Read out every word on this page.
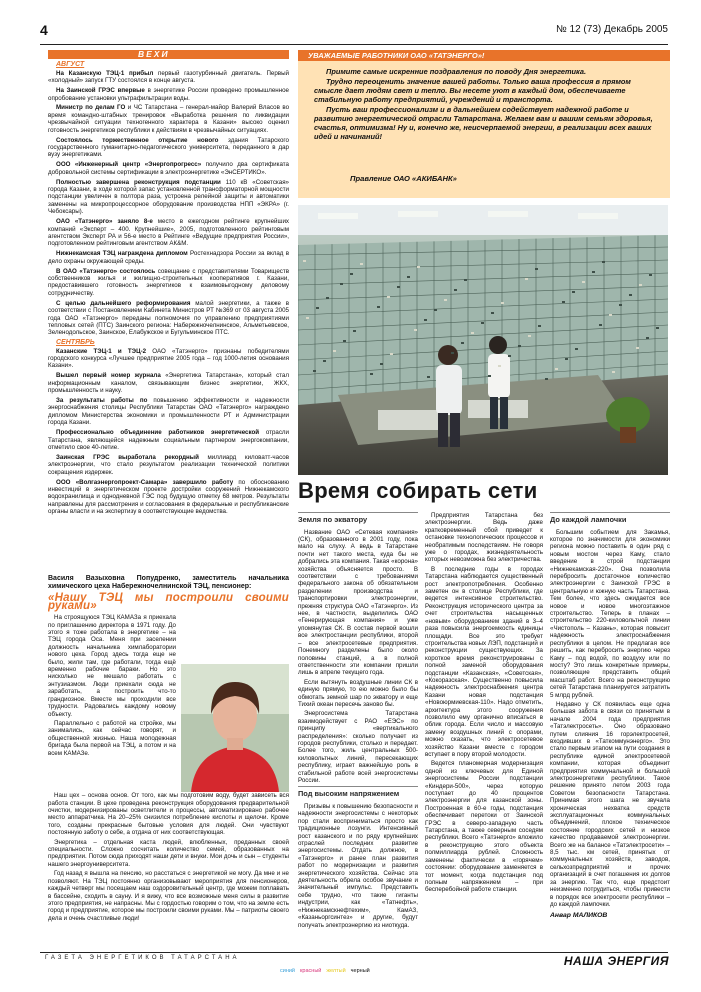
4	№ 12 (73) Декабрь 2005
ВЕХИ
АВГУСТ

На Казанскую ТЭЦ-1 прибыл первый газотурбинный двигатель. Первый «холодный» запуск ГТУ состоялся в конце августа.

На Заинской ГРЭС впервые в энергетике России проведено промышленное опробование установки ультрафильтрации воды.

Министр по делам ГО и ЧС Татарстана – генерал-майор Валерий Власов во время командно-штабных тренировок «Выработка решения по ликвидации чрезвычайной ситуации техногенного характера в Казани» высоко оценил готовность энергетиков республики к действиям в чрезвычайных ситуациях.

Состоялось торжественное открытие нового здания Татарского государственного гуманитарно-педагогического университета, переданного в дар вузу энергетиками.

ООО «Инженерный центр «Энергопрогресс» получило два сертификата добровольной системы сертификации в электроэнергетике «ЭнСЕРТИКО».

Полностью завершена реконструкция подстанции 110 кВ «Советская» города Казани, в ходе которой запас установленной трансформаторной мощности подстанции увеличен в полтора раза, устроена релейной защиты и автоматики заменены на микропроцессорное оборудование производства НПП «ЭКРА» (г. Чебоксары).

ОАО «Татэнерго» заняло 8-е место в ежегодном рейтинге крупнейших компаний «Эксперт – 400. Крупнейшие», 2005, подготовленного рейтинговым агентством Эксперт РА и 56-е место в Рейтинге «Ведущие предприятия России», подготовленном рейтинговым агентством АК&М.

Нижнекамская ТЭЦ награждена дипломом Ростехнадзора России за вклад в дело охраны окружающей среды.

В ОАО «Татэнерго» состоялось совещание с представителями Товариществ собственников жилья и жилищно-строительных кооперативов г. Казани, предоставившего готовность энергетиков к взаимовыгодному деловому сотрудничеству.

С целью дальнейшего реформирования малой энергетики, а также в соответствии с Постановлением Кабинета Министров РТ №369 от 03 августа 2005 года ОАО «Татэнерго» переданы полномочия по управлению предприятиями тепловых сетей (ПТС) Заинского региона: Набережночелнинское, Альметьевское, Зеленодольское, Заинское, Елабужское и Бугульминское ПТС.

СЕНТЯБРЬ

Казанские ТЭЦ-1 и ТЭЦ-2 ОАО «Татэнерго» признаны победителями городского конкурса «Лучшее предприятие 2005 года – год 1000-летия основания Казани».

Вышел первый номер журнала «Энергетика Татарстана», который стал информационным каналом, связывающим бизнес энергетики, ЖКХ, промышленность и науку.

За результаты работы по повышению эффективности и надежности энергоснабжения столицы Республики Татарстан ОАО «Татэнерго» награждено дипломом Министерства экономики и промышленности РТ и Администрации города Казани.

Профессионально объединение работников энергетической отрасли Татарстана, являющейся надежным социальным партнером энергокомпании, отметило свое 40-летие.

Заинская ГРЭС выработала рекордный миллиард киловатт-часов электроэнергии, что стало результатом реализации технической политики сокращения издержек.

ООО «Волгаэнергопроект-Самара» завершило работу по обоснованию инвестиций в энергетическом проекте достройки сооружений Нижнекамского водохранилища и однодневной ГЭС под будущую отметку 68 метров. Результаты направлены для рассмотрения и согласования в федеральные и республиканские органы власти и на экспертизу в соответствующие ведомства.

УВАЖАЕМЫЕ РАБОТНИКИ ОАО «ТАТЭНЕРГО»!

Примите самые искренние поздравления по поводу Дня энергетика.

Трудно переоценить значение вашей работы. Только ваша профессия в прямом смысле дает людям свет и тепло. Вы несете уют в каждый дом, обеспечиваете стабильную работу предприятий, учреждений и транспорта.

Пусть ваш профессионализм и в дальнейшем содействует надежной работе и развитию энергетической отрасли Татарстана. Желаем вам и вашим семьям здоровья, счастья, оптимизма! Ну и, конечно же, неисчерпаемой энергии, в реализации всех ваших идей и начинаний!

Правление ОАО «АКИБАНК»
Время собирать сети
Земля по экватору

Название ОАО «Сетевая компания» (СК), образованного в 2001 году, пока мало на слуху. А ведь в Татарстане почти нет такого места, куда бы не добрались эта компания. Такая «корона» хозяйства объясняется просто. В соответствии с требованиями федерального закона об обязательном разделении производства и транспортировки электроэнергии, прежняя структура ОАО «Татэнерго». Из нее, в частности, выделились ОАО «Генерирующая компания» и уже упомянутая СК. В состав первой вошли все электростанции республики, второй – все электросетевые предприятия. Понемногу разделены было около половины станций, а в полной ответственности эти компании пришли лишь в апреле текущего года.

Если вытянуть воздушные линии СК в единую прямую, то ею можно было бы обмотать земной шар по экватору и еще Тихий океан пересечь заново бы.

Энергосистема Татарстана взаимодействует с РАО «ЕЭС» по принципу «вертикального распределения»: сколько получает из городов республики, столько и передает. Более того, жиль центральных 500-киловольтных линий, пересекающих республику, играет важнейшую роль в стабильной работе всей энергосистемы России.

Под высоким напряжением

Призывы к повышению безопасности и надежности энергосистемы с некоторых пор стали восприниматься просто как традиционные лозунги. Интенсивный рост казанского и по ряду крупнейших отраслей последних развитие энергосистемы. Отдать должное, в «Татэнерго» и ранее план развития работ по модернизации и развития энергетического хозяйства. Сейчас эта деятельность обрела особое звучание и значительный импульс. Представить себе трудно, что такие гиганты индустрии, как «Татнефть», «Нижнекамскнефтехим», КамАЗ, «Казаньоргсинтез» и другие, будут получать электроэнергию из ниоткуда.

Предприятия Татарстана без электроэнергии. Ведь даже кратковременный сбой приведет к остановке технологических процессов и необратимым последствиям. Не говоря уже о городах, жизнедеятельность которых невозможна без электричества.

В последние годы в городах Татарстана наблюдается существенный рост электропотребления. Особенно заметен он в столице Республики, где ведется интенсивное строительство. Реконструкция исторического центра за счет строительства насыщенных «новым» оборудованием зданий в 3–4 раза повысила энергоемкость единицы площади. Все это требует строительства новых ЛЭП, подстанций и реконструкции существующих. За короткое время реконструированы с полной заменой оборудования подстанции «Казанская», «Советская», «Кокоразская». Существенно повысила надежность электроснабжения центра Казани новая подстанция «Новоюрмиевская-110». Надо отметить, архитектура этого сооружения позволило ему органично вписаться в облик города. Если число и массовую замену воздушных линий с опорами, можно сказать, что электросетевое хозяйство Казани вместе с городом вступает в пору второй молодости.

Ведется планомерная модернизация одной из ключевых для Единой энергосистемы России подстанции «Киндери-500», через которую поступает до 40 процентов электроэнергии для казанской зоны. Построенная в 60-е годы, подстанция обеспечивает перетоки от Заинской ГРЭС в северо-западную часть Татарстана, а также северным соседям республики. Всего «Татэнерго» вложило в реконструкцию этого объекта полмиллиарда рублей. Сложность заменены фактически в «горячем» состоянии: оборудование заменяется в тот момент, когда подстанция под полным напряжением – при бесперебойной работе станции.

До каждой лампочки

Большим событием для Закамья, которое по значимости для экономики региона можно поставить в один ряд с новым мостом через Каму, стало введение в строй подстанции «Нижнекамская-220». Она позволила перебросить достаточное количество электроэнергии с Заинской ГРЭС в центральную и южную часть Татарстана. Тем более, что здесь ожидается все новое и новое многоэтажное строительство. Теперь в планах – строительство 220-киловольтной линии «Чистополь – Казань», которая повысит надежность электроснабжения республики в целом. Не предлагая все решить, как перебросить энергию через Каму – под водой, по воздуху или по мосту? Это лишь конкретные примеры, позволяющие представить общий масштаб работ. Всего на реконструкцию сетей Татарстана планируется затратить 5 млрд рублей.

Недавно у СК появилась еще одна большая забота в связи со принятым в начале 2004 года предприятия «Татэлектросеть». Оно образовано путем слияния 16 горэлектросетей, входивших в «Таткоммунэнерго». Это стало первым этапом на пути создания в республике единой электросетевой компании, которая объединит предприятия коммунальной и большой электроэнергетики республики. Такое решение принято летом 2003 года Советом безопасности Татарстана. Принимая этого шага не звучала хроническая нехватка средств эксплуатационных коммунальных объединений, плохое техническое состояние городских сетей и низкое качество продаваемой электроэнергии. Всего же на балансе «Татэлектросети» – 8,5 тыс. км сетей, принятых от коммунальных хозяйств, заводов, сельхозпредприятий и прочих организаций в счет погашения их долгов за энергию. Так что, еще предстоит неизменно потрудиться, чтобы привести в порядок все электросети республики – до каждой лампочки.

Анвар МАЛИКОВ
Василя Вазыховна Попудренко, заместитель начальника химического цеха Набережночелнинской ТЭЦ, пенсионер:
«Нашу ТЭЦ мы построили своими руками»

На строящуюся ТЭЦ КАМАЗа я приехала по приглашению директора в 1971 году. До этого я тоже работала в энергетике – на ТЭЦ города Оса. Меня при заселении должность начальника химлаборатории нового цеха. Город здесь тогда еще не было, жили там, где работали, тогда ещё временно рабочие бараки. Но это нисколько не мешало работать с энтузиазмом. Люди приехали сюда не заработать, а построить что-то грандиозное. Вместе мы проходили все трудности. Радовались каждому новому объекту.

Параллельно с работой на стройке, мы занимались, как сейчас говорят, и общественной жизнью. Наша молодежная бригада была первой на ТЭЦ, а потом и на всем КАМАЗе.

Наш цех – основа основ. От того, как мы подготовим воду, будет зависеть вся работа станции. В цехе проведена реконструкция оборудования предварительной очистки, модернизированы осветлители и процессы, автоматизировано рабочее место аппаратчика. На 20–25% снизился потребление кислоты и щелочи. Кроме того, созданы прекрасные бытовые условия для людей. Они чувствуют постоянную заботу о себе, а отдача от них соответствующая.

Энергетика – отдельная каста людей, влюбленных, преданных своей специальности. Сложно сосчитать количество семей, образованных на предприятии. Потом сюда приходят наши дети и внуки. Мои дочь и сын – студенты нашего энергоуниверситета.

Год назад я вышла на пенсию, но расстаться с энергетикой не могу. Да мне и не позволяют. На ТЭЦ постоянно организовывают мероприятия для пенсионеров, каждый четверг мы посещаем наш оздоровительный центр, где можем поплавать в бассейне, сходить в сауну. И я вижу, что все возможные меня силы в развитие этого предприятия, не напрасны. Мы с гордостью говорим о том, что на земле есть город и предприятие, которое мы построили своими руками. Мы – патриоты своего дела и очень счастливые люди!

ГАЗЕТА ЭНЕРГЕТИКОВ ТАТАРСТАНА	НАША ЭНЕРГИЯ
синий красный желтый черный
